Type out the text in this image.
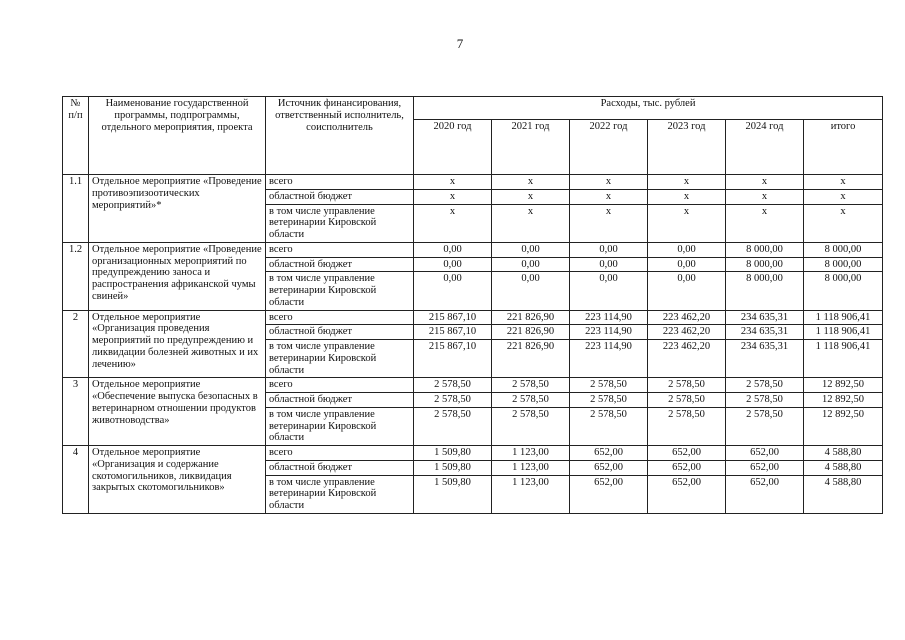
7
№ п/п	Наименование государственной программы, подпрограммы, отдельного мероприятия, проекта	Источник финансирования, ответственный исполнитель, соисполнитель	Расходы, тыс. рублей					
			2020 год	2021 год	2022 год	2023 год	2024 год	итого
1.1	Отдельное мероприятие «Проведение противоэпизоотических мероприятий»*	всего	x	x	x	x	x	x
		областной бюджет	x	x	x	x	x	x
		в том числе управление ветеринарии Кировской области	x	x	x	x	x	x
1.2	Отдельное мероприятие «Проведение организационных мероприятий по предупреждению заноса и распространения африканской чумы свиней»	всего	0,00	0,00	0,00	0,00	8 000,00	8 000,00
		областной бюджет	0,00	0,00	0,00	0,00	8 000,00	8 000,00
		в том числе управление ветеринарии Кировской области	0,00	0,00	0,00	0,00	8 000,00	8 000,00
2	Отдельное мероприятие «Организация проведения мероприятий по предупреждению и ликвидации болезней животных и их лечению»	всего	215 867,10	221 826,90	223 114,90	223 462,20	234 635,31	1 118 906,41
		областной бюджет	215 867,10	221 826,90	223 114,90	223 462,20	234 635,31	1 118 906,41
		в том числе управление ветеринарии Кировской области	215 867,10	221 826,90	223 114,90	223 462,20	234 635,31	1 118 906,41
3	Отдельное мероприятие «Обеспечение выпуска безопасных в ветеринарном отношении продуктов животноводства»	всего	2 578,50	2 578,50	2 578,50	2 578,50	2 578,50	12 892,50
		областной бюджет	2 578,50	2 578,50	2 578,50	2 578,50	2 578,50	12 892,50
		в том числе управление ветеринарии Кировской области	2 578,50	2 578,50	2 578,50	2 578,50	2 578,50	12 892,50
4	Отдельное мероприятие «Организация и содержание скотомогильников, ликвидация закрытых скотомогильников»	всего	1 509,80	1 123,00	652,00	652,00	652,00	4 588,80
		областной бюджет	1 509,80	1 123,00	652,00	652,00	652,00	4 588,80
		в том числе управление ветеринарии Кировской области	1 509,80	1 123,00	652,00	652,00	652,00	4 588,80
